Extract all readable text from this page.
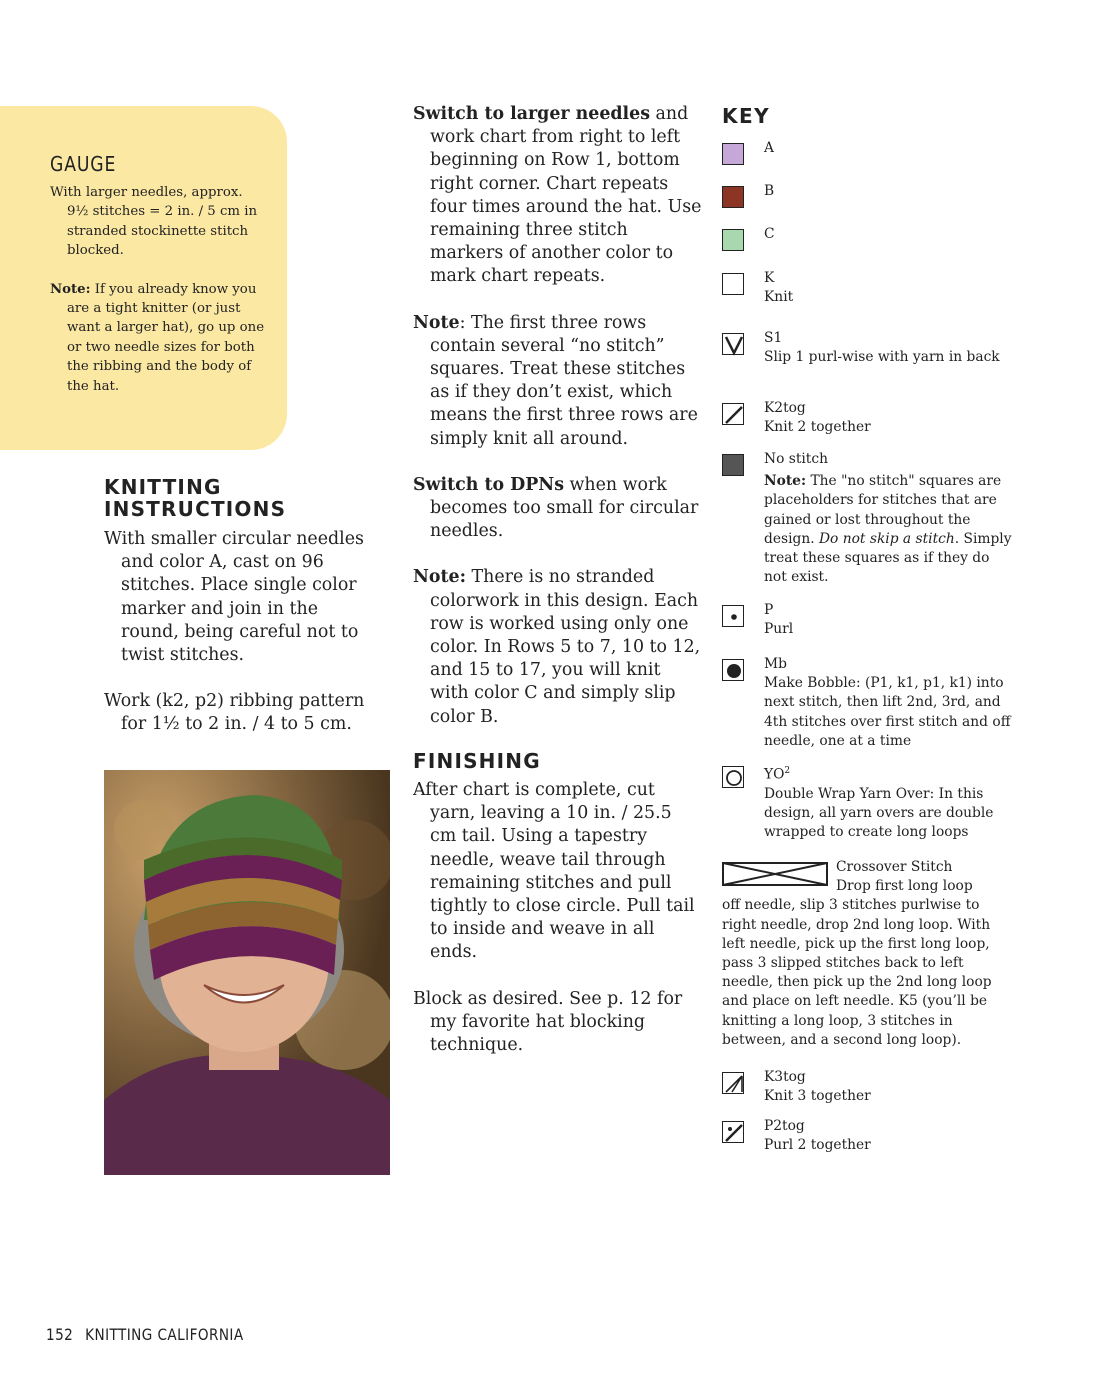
GAUGE

With larger needles, approx. 9½ stitches = 2 in. / 5 cm in stranded stockinette stitch blocked.

Note: If you already know you are a tight knitter (or just want a larger hat), go up one or two needle sizes for both the ribbing and the body of the hat.

KNITTING
INSTRUCTIONS

With smaller circular needles and color A, cast on 96 stitches. Place single color marker and join in the round, being careful not to twist stitches.

Work (k2, p2) ribbing pattern for 1½ to 2 in. / 4 to 5 cm.

Switch to larger needles and work chart from right to left beginning on Row 1, bottom right corner. Chart repeats four times around the hat. Use remaining three stitch markers of another color to mark chart repeats.

Note: The first three rows contain several “no stitch” squares. Treat these stitches as if they don’t exist, which means the first three rows are simply knit all around.

Switch to DPNs when work becomes too small for circular needles.

Note: There is no stranded colorwork in this design. Each row is worked using only one color. In Rows 5 to 7, 10 to 12, and 15 to 17, you will knit with color C and simply slip color B.

FINISHING

After chart is complete, cut yarn, leaving a 10 in. / 25.5 cm tail. Using a tapestry needle, weave tail through remaining stitches and pull tightly to close circle. Pull tail to inside and weave in all ends.

Block as desired. See p. 12 for my favorite hat blocking technique.

KEY
A
B
C
K
Knit
S1
Slip 1 purl-wise with yarn in back
K2tog
Knit 2 together
No stitch
Note: The "no stitch" squares are placeholders for stitches that are gained or lost throughout the design. Do not skip a stitch. Simply treat these squares as if they do not exist.
P
Purl
Mb
Make Bobble: (P1, k1, p1, k1) into next stitch, then lift 2nd, 3rd, and 4th stitches over first stitch and off needle, one at a time
$YO^2$
Double Wrap Yarn Over: In this design, all yarn overs are double wrapped to create long loops
Crossover Stitch
Drop first long loop
off needle, slip 3 stitches purlwise to right needle, drop 2nd long loop. With left needle, pick up the first long loop, pass 3 slipped stitches back to left needle, then pick up the 2nd long loop and place on left needle. K5 (you’ll be knitting a long loop, 3 stitches in between, and a second long loop).
K3tog
Knit 3 together
P2tog
Purl 2 together
152 KNITTING CALIFORNIA
